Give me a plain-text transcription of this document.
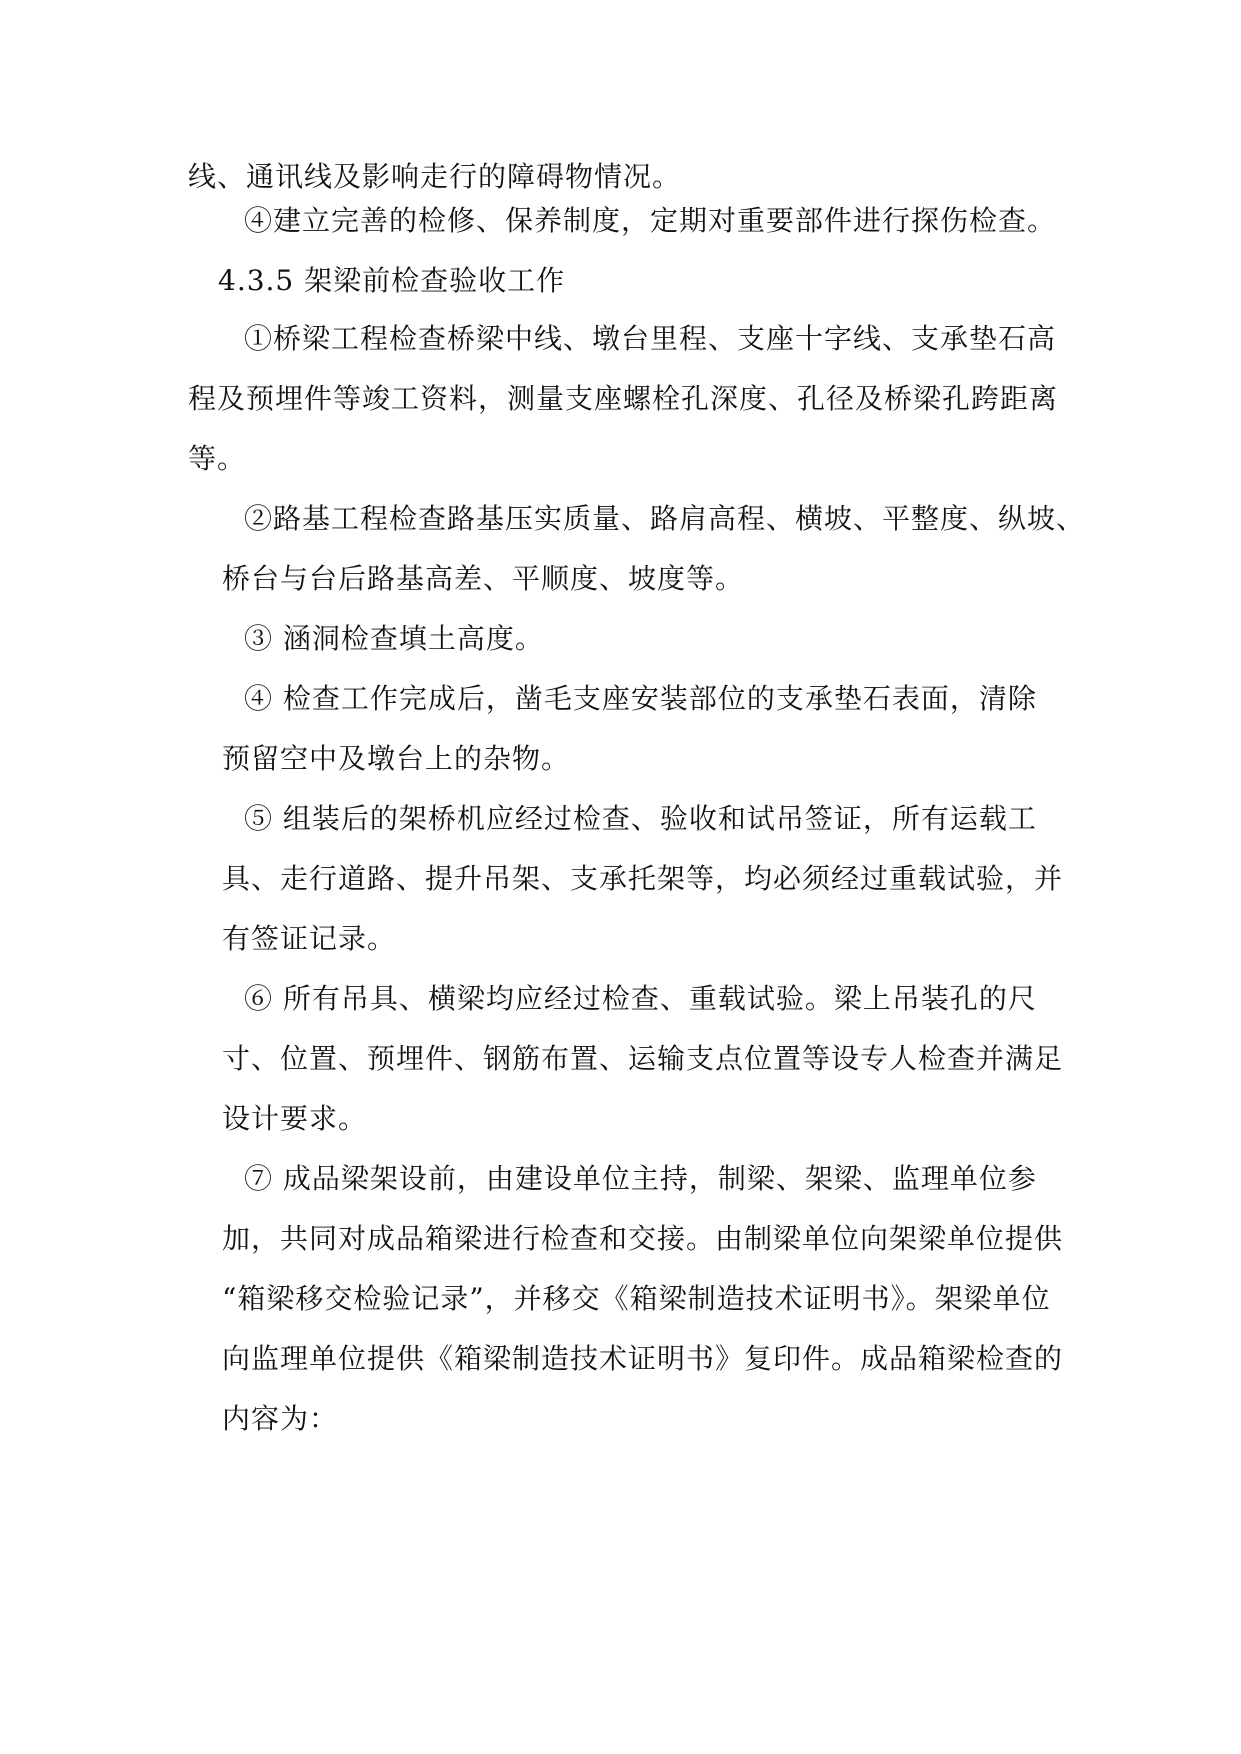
线、通讯线及影响走行的障碍物情况。
④建立完善的检修、保养制度，定期对重要部件进行探伤检查。
4.3.5 架梁前检查验收工作
①桥梁工程检查桥梁中线、墩台里程、支座十字线、支承垫石高
程及预埋件等竣工资料，测量支座螺栓孔深度、孔径及桥梁孔跨距离
等。
②路基工程检查路基压实质量、路肩高程、横坡、平整度、纵坡、
桥台与台后路基高差、平顺度、坡度等。
③ 涵洞检查填土高度。
④ 检查工作完成后，凿毛支座安装部位的支承垫石表面，清除
预留空中及墩台上的杂物。
⑤ 组装后的架桥机应经过检查、验收和试吊签证，所有运载工
具、走行道路、提升吊架、支承托架等，均必须经过重载试验，并
有签证记录。
⑥ 所有吊具、横梁均应经过检查、重载试验。梁上吊装孔的尺
寸、位置、预埋件、钢筋布置、运输支点位置等设专人检查并满足
设计要求。
⑦ 成品梁架设前，由建设单位主持，制梁、架梁、监理单位参
加，共同对成品箱梁进行检查和交接。由制梁单位向架梁单位提供
“箱梁移交检验记录”，并移交《箱梁制造技术证明书》。架梁单位
向监理单位提供《箱梁制造技术证明书》复印件。成品箱梁检查的
内容为：
